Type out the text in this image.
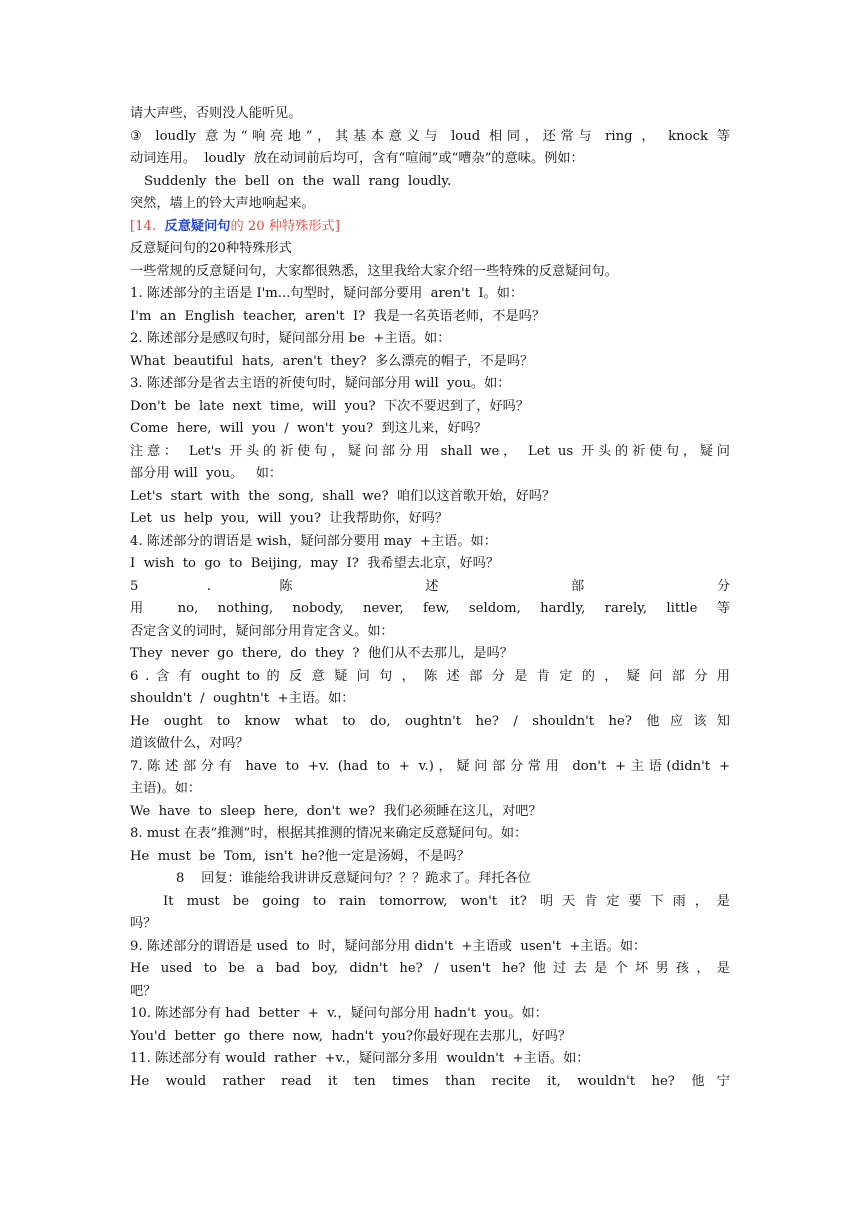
请大声些，否则没人能听见。
③ loudly 意为“响亮地”，其基本意义与 loud 相同，还常与 ring ， knock 等
动词连用。  loudly  放在动词前后均可，含有“喧闹”或“嘈杂”的意味。例如：
Suddenly  the  bell  on  the  wall  rang  loudly.
突然，墙上的铃大声地响起来。
[14.  反意疑问句的 20 种特殊形式]
反意疑问句的20种特殊形式
一些常规的反意疑问句，大家都很熟悉，这里我给大家介绍一些特殊的反意疑问句。
1. 陈述部分的主语是 I'm...句型时，疑问部分要用  aren't  I。如：
I'm  an  English  teacher,  aren't  I?  我是一名英语老师，不是吗？
2. 陈述部分是感叹句时，疑问部分用 be  +主语。如：
What  beautiful  hats,  aren't  they?  多么漂亮的帽子，不是吗？
3. 陈述部分是省去主语的祈使句时，疑问部分用 will  you。如：
Don't  be  late  next  time,  will  you?  下次不要迟到了，好吗？
Come  here,  will  you  /  won't  you?  到这儿来，好吗？
注意： Let's 开头的祈使句，疑问部分用 shall we， Let us 开头的祈使句，疑问
部分用 will  you。   如：
Let's  start  with  the  song,  shall  we?  咱们以这首歌开始，好吗？
Let  us  help  you,  will  you?  让我帮助你，好吗？
4. 陈述部分的谓语是 wish，疑问部分要用 may  +主语。如：
I  wish  to  go  to  Beijing,  may  I?  我希望去北京，好吗？
5 . 陈 述 部 分
用 no, nothing, nobody, never, few, seldom, hardly, rarely, little 等
否定含义的词时，疑问部分用肯定含义。如：
They  never  go  there,  do  they  ?  他们从不去那儿，是吗？
6 . 含 有 ought to 的 反 意 疑 问 句 ， 陈 述 部 分 是 肯 定 的 ， 疑 问 部 分 用
shouldn't  /  oughtn't  +主语。如：
He ought to know what to do, oughtn't he? / shouldn't he? 他应该知
道该做什么，对吗？
7.陈述部分有 have to +v. (had to + v.)，疑问部分常用 don't +主语(didn't +
主语)。如：
We  have  to  sleep  here,  don't  we?  我们必须睡在这儿，对吧？
8. must 在表“推测”时，根据其推测的情况来确定反意疑问句。如：
He  must  be  Tom,  isn't  he?他一定是汤姆，不是吗？
8    回复：谁能给我讲讲反意疑问句？？？跪求了。拜托各位
It must be going to rain tomorrow, won't it? 明天肯定要下雨，是
吗？
9. 陈述部分的谓语是 used  to  时，疑问部分用 didn't  +主语或  usen't  +主语。如：
He used to be a bad boy, didn't he? / usen't he?他过去是个坏男孩，是
吧？
10. 陈述部分有 had  better  +  v.，疑问句部分用 hadn't  you。如：
You'd  better  go  there  now,  hadn't  you?你最好现在去那儿，好吗？
11. 陈述部分有 would  rather  +v.，疑问部分多用  wouldn't  +主语。如：
He would rather read it ten times than recite it, wouldn't he? 他宁
